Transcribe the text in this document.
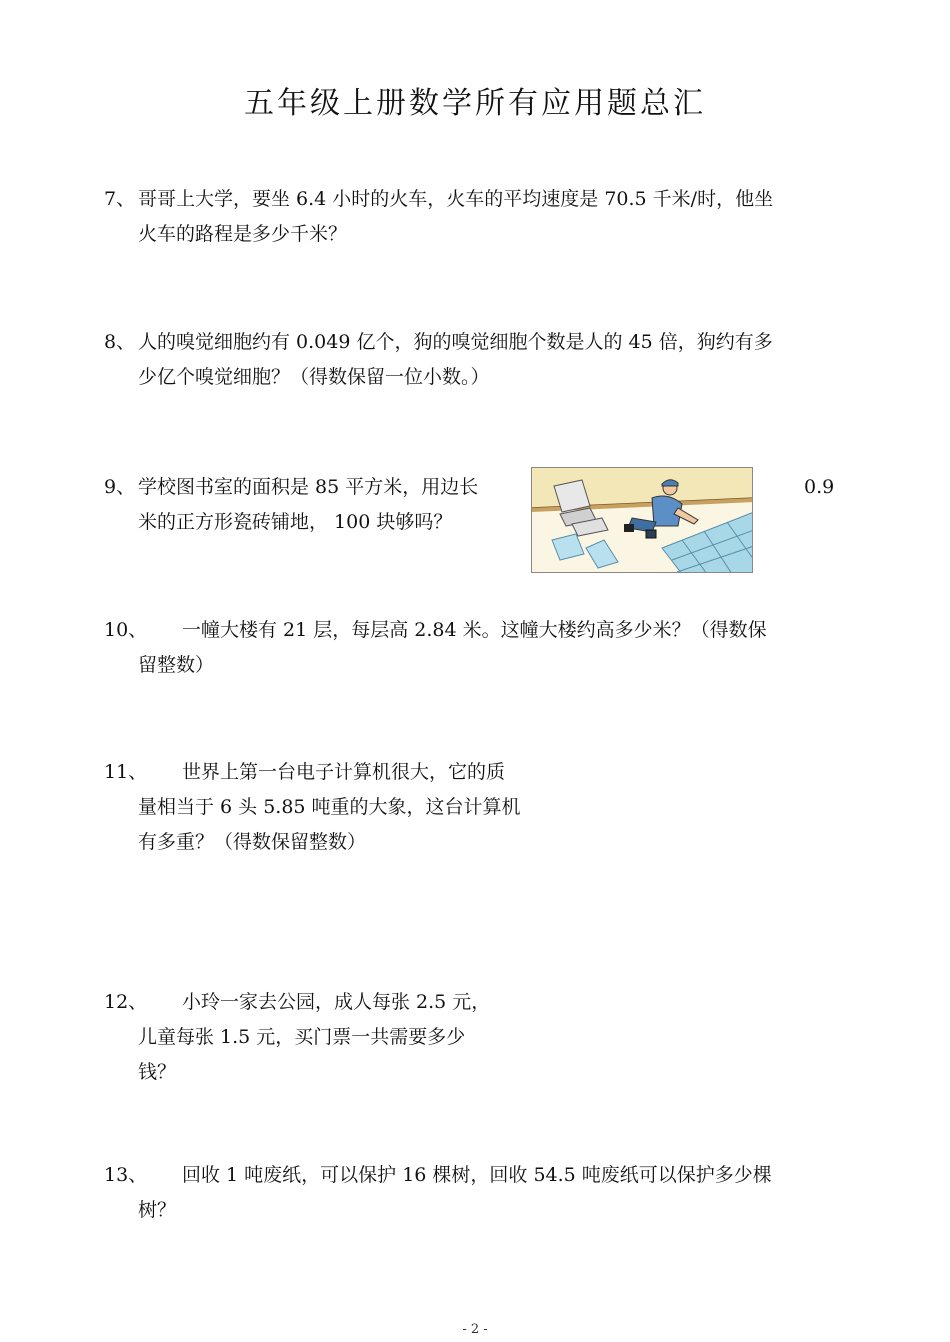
五年级上册数学所有应用题总汇
7、 哥哥上大学，要坐 6.4 小时的火车，火车的平均速度是 70.5 千米/时，他坐
火车的路程是多少千米？
8、 人的嗅觉细胞约有 0.049 亿个，狗的嗅觉细胞个数是人的 45 倍，狗约有多
少亿个嗅觉细胞？（得数保留一位小数。）
9、 学校图书室的面积是 85 平方米，用边长
米的正方形瓷砖铺地， 100 块够吗？
0.9
10、 一幢大楼有 21 层，每层高 2.84 米。这幢大楼约高多少米？（得数保
留整数）
11、 世界上第一台电子计算机很大，它的质
量相当于 6 头 5.85 吨重的大象，这台计算机
有多重？（得数保留整数）
12、 小玲一家去公园，成人每张 2.5 元，
儿童每张 1.5 元，买门票一共需要多少
钱？
13、 回收 1 吨废纸，可以保护 16 棵树，回收 54.5 吨废纸可以保护多少棵
树？
- 2 -
